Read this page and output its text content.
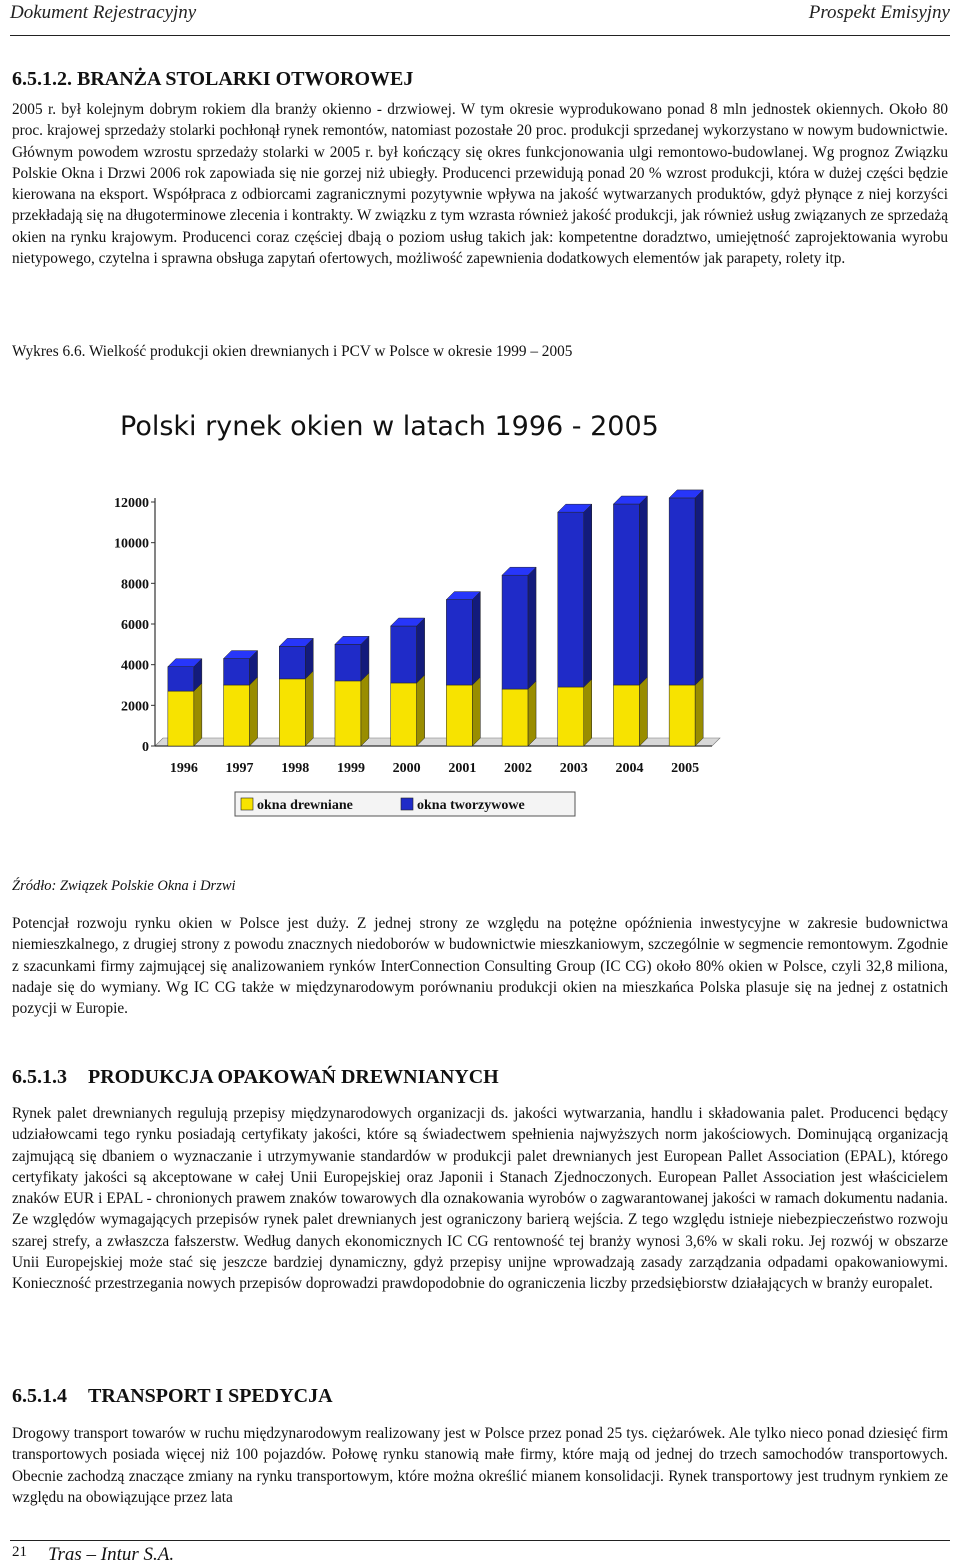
Dokument Rejestracyjny	Prospekt Emisyjny
6.5.1.2. BRANŻA STOLARKI OTWOROWEJ

2005 r. był kolejnym dobrym rokiem dla branży okienno - drzwiowej. W tym okresie wyprodukowano ponad 8 mln jednostek okiennych. Około 80 proc. krajowej sprzedaży stolarki pochłonął rynek remontów, natomiast pozostałe 20 proc. produkcji sprzedanej wykorzystano w nowym budownictwie. Głównym powodem wzrostu sprzedaży stolarki w 2005 r. był kończący się okres funkcjonowania ulgi remontowo-budowlanej. Wg prognoz Związku Polskie Okna i Drzwi 2006 rok zapowiada się nie gorzej niż ubiegły. Producenci przewidują ponad 20 % wzrost produkcji, która w dużej części będzie kierowana na eksport. Współpraca z odbiorcami zagranicznymi pozytywnie wpływa na jakość wytwarzanych produktów, gdyż płynące z niej korzyści przekładają się na długoterminowe zlecenia i kontrakty. W związku z tym wzrasta również jakość produkcji, jak również usług związanych ze sprzedażą okien na rynku krajowym. Producenci coraz częściej dbają o poziom usług takich jak: kompetentne doradztwo, umiejętność zaprojektowania wyrobu nietypowego, czytelna i sprawna obsługa zapytań ofertowych, możliwość zapewnienia dodatkowych elementów jak parapety, rolety itp.

Wykres 6.6. Wielkość produkcji okien drewnianych i PCV w Polsce w okresie 1999 – 2005
Polski rynek okien w latach 1996 - 2005
0
2000
4000
6000
8000
10000
12000
1996 1997 1998 1999 2000 2001 2002 2003 2004 2005
okna drewniane	okna tworzywowe
Źródło: Związek Polskie Okna i Drzwi

Potencjał rozwoju rynku okien w Polsce jest duży. Z jednej strony ze względu na potężne opóźnienia inwestycyjne w zakresie budownictwa niemieszkalnego, z drugiej strony z powodu znacznych niedoborów w budownictwie mieszkaniowym, szczególnie w segmencie remontowym. Zgodnie z szacunkami firmy zajmującej się analizowaniem rynków InterConnection Consulting Group (IC CG) około 80% okien w Polsce, czyli 32,8 miliona, nadaje się do wymiany. Wg IC CG także w międzynarodowym porównaniu produkcji okien na mieszkańca Polska plasuje się na jednej z ostatnich pozycji w Europie.

6.5.1.3 PRODUKCJA OPAKOWAŃ DREWNIANYCH

Rynek palet drewnianych regulują przepisy międzynarodowych organizacji ds. jakości wytwarzania, handlu i składowania palet. Producenci będący udziałowcami tego rynku posiadają certyfikaty jakości, które są świadectwem spełnienia najwyższych norm jakościowych. Dominującą organizacją zajmującą się dbaniem o wyznaczanie i utrzymywanie standardów w produkcji palet drewnianych jest European Pallet Association (EPAL), którego certyfikaty jakości są akceptowane w całej Unii Europejskiej oraz Japonii i Stanach Zjednoczonych. European Pallet Association jest właścicielem znaków EUR i EPAL - chronionych prawem znaków towarowych dla oznakowania wyrobów o zagwarantowanej jakości w ramach dokumentu nadania. Ze względów wymagających przepisów rynek palet drewnianych jest ograniczony barierą wejścia. Z tego względu istnieje niebezpieczeństwo rozwoju szarej strefy, a zwłaszcza fałszerstw. Według danych ekonomicznych IC CG rentowność tej branży wynosi 3,6% w skali roku. Jej rozwój w obszarze Unii Europejskiej może stać się jeszcze bardziej dynamiczny, gdyż przepisy unijne wprowadzają zasady zarządzania odpadami opakowaniowymi. Konieczność przestrzegania nowych przepisów doprowadzi prawdopodobnie do ograniczenia liczby przedsiębiorstw działających w branży europalet.

6.5.1.4 TRANSPORT I SPEDYCJA

Drogowy transport towarów w ruchu międzynarodowym realizowany jest w Polsce przez ponad 25 tys. ciężarówek. Ale tylko nieco ponad dziesięć firm transportowych posiada więcej niż 100 pojazdów. Połowę rynku stanowią małe firmy, które mają od jednej do trzech samochodów transportowych. Obecnie zachodzą znaczące zmiany na rynku transportowym, które można określić mianem konsolidacji. Rynek transportowy jest trudnym rynkiem ze względu na obowiązujące przez lata

21 Tras – Intur S.A.
